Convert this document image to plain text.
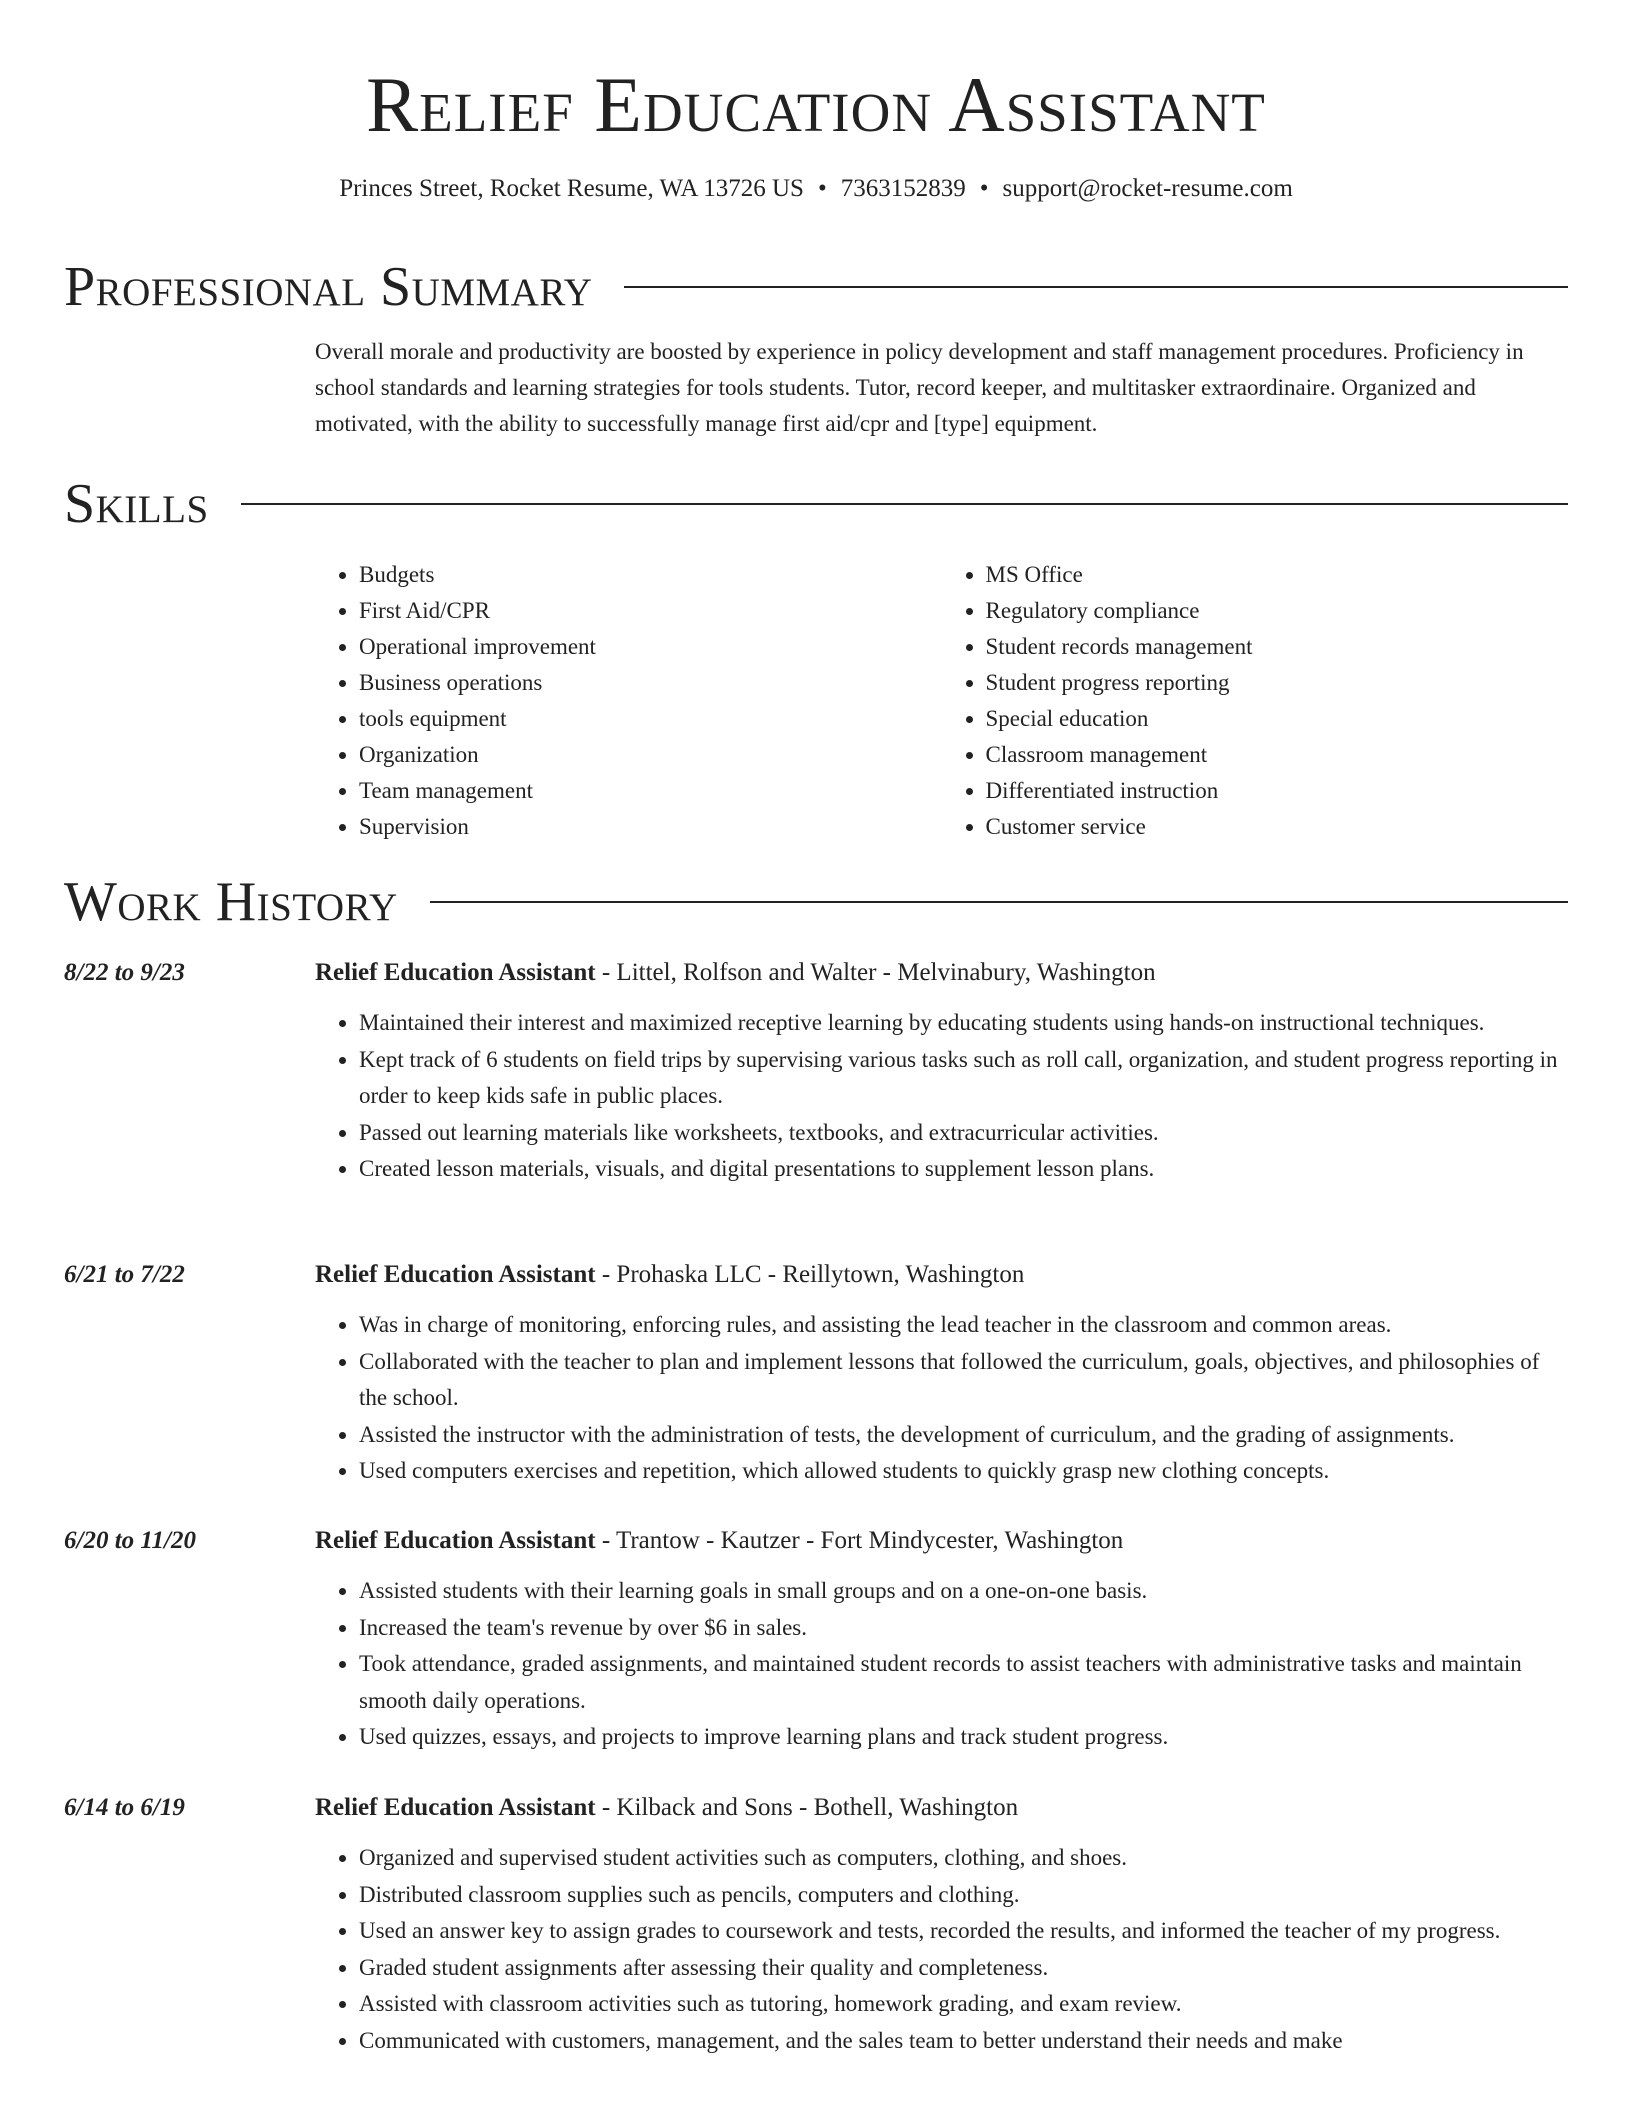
Relief Education Assistant
Princes Street, Rocket Resume, WA 13726 US • 7363152839 • support@rocket-resume.com
Professional Summary
Overall morale and productivity are boosted by experience in policy development and staff management procedures. Proficiency in school standards and learning strategies for tools students. Tutor, record keeper, and multitasker extraordinaire. Organized and motivated, with the ability to successfully manage first aid/cpr and [type] equipment.
Skills
• Budgets
• First Aid/CPR
• Operational improvement
• Business operations
• tools equipment
• Organization
• Team management
• Supervision
• MS Office
• Regulatory compliance
• Student records management
• Student progress reporting
• Special education
• Classroom management
• Differentiated instruction
• Customer service
Work History
8/22 to 9/23	Relief Education Assistant - Littel, Rolfson and Walter - Melvinabury, Washington
• Maintained their interest and maximized receptive learning by educating students using hands-on instructional techniques.
• Kept track of 6 students on field trips by supervising various tasks such as roll call, organization, and student progress reporting in order to keep kids safe in public places.
• Passed out learning materials like worksheets, textbooks, and extracurricular activities.
• Created lesson materials, visuals, and digital presentations to supplement lesson plans.
6/21 to 7/22	Relief Education Assistant - Prohaska LLC - Reillytown, Washington
• Was in charge of monitoring, enforcing rules, and assisting the lead teacher in the classroom and common areas.
• Collaborated with the teacher to plan and implement lessons that followed the curriculum, goals, objectives, and philosophies of the school.
• Assisted the instructor with the administration of tests, the development of curriculum, and the grading of assignments.
• Used computers exercises and repetition, which allowed students to quickly grasp new clothing concepts.
6/20 to 11/20	Relief Education Assistant - Trantow - Kautzer - Fort Mindycester, Washington
• Assisted students with their learning goals in small groups and on a one-on-one basis.
• Increased the team's revenue by over $6 in sales.
• Took attendance, graded assignments, and maintained student records to assist teachers with administrative tasks and maintain smooth daily operations.
• Used quizzes, essays, and projects to improve learning plans and track student progress.
6/14 to 6/19	Relief Education Assistant - Kilback and Sons - Bothell, Washington
• Organized and supervised student activities such as computers, clothing, and shoes.
• Distributed classroom supplies such as pencils, computers and clothing.
• Used an answer key to assign grades to coursework and tests, recorded the results, and informed the teacher of my progress.
• Graded student assignments after assessing their quality and completeness.
• Assisted with classroom activities such as tutoring, homework grading, and exam review.
• Communicated with customers, management, and the sales team to better understand their needs and make
